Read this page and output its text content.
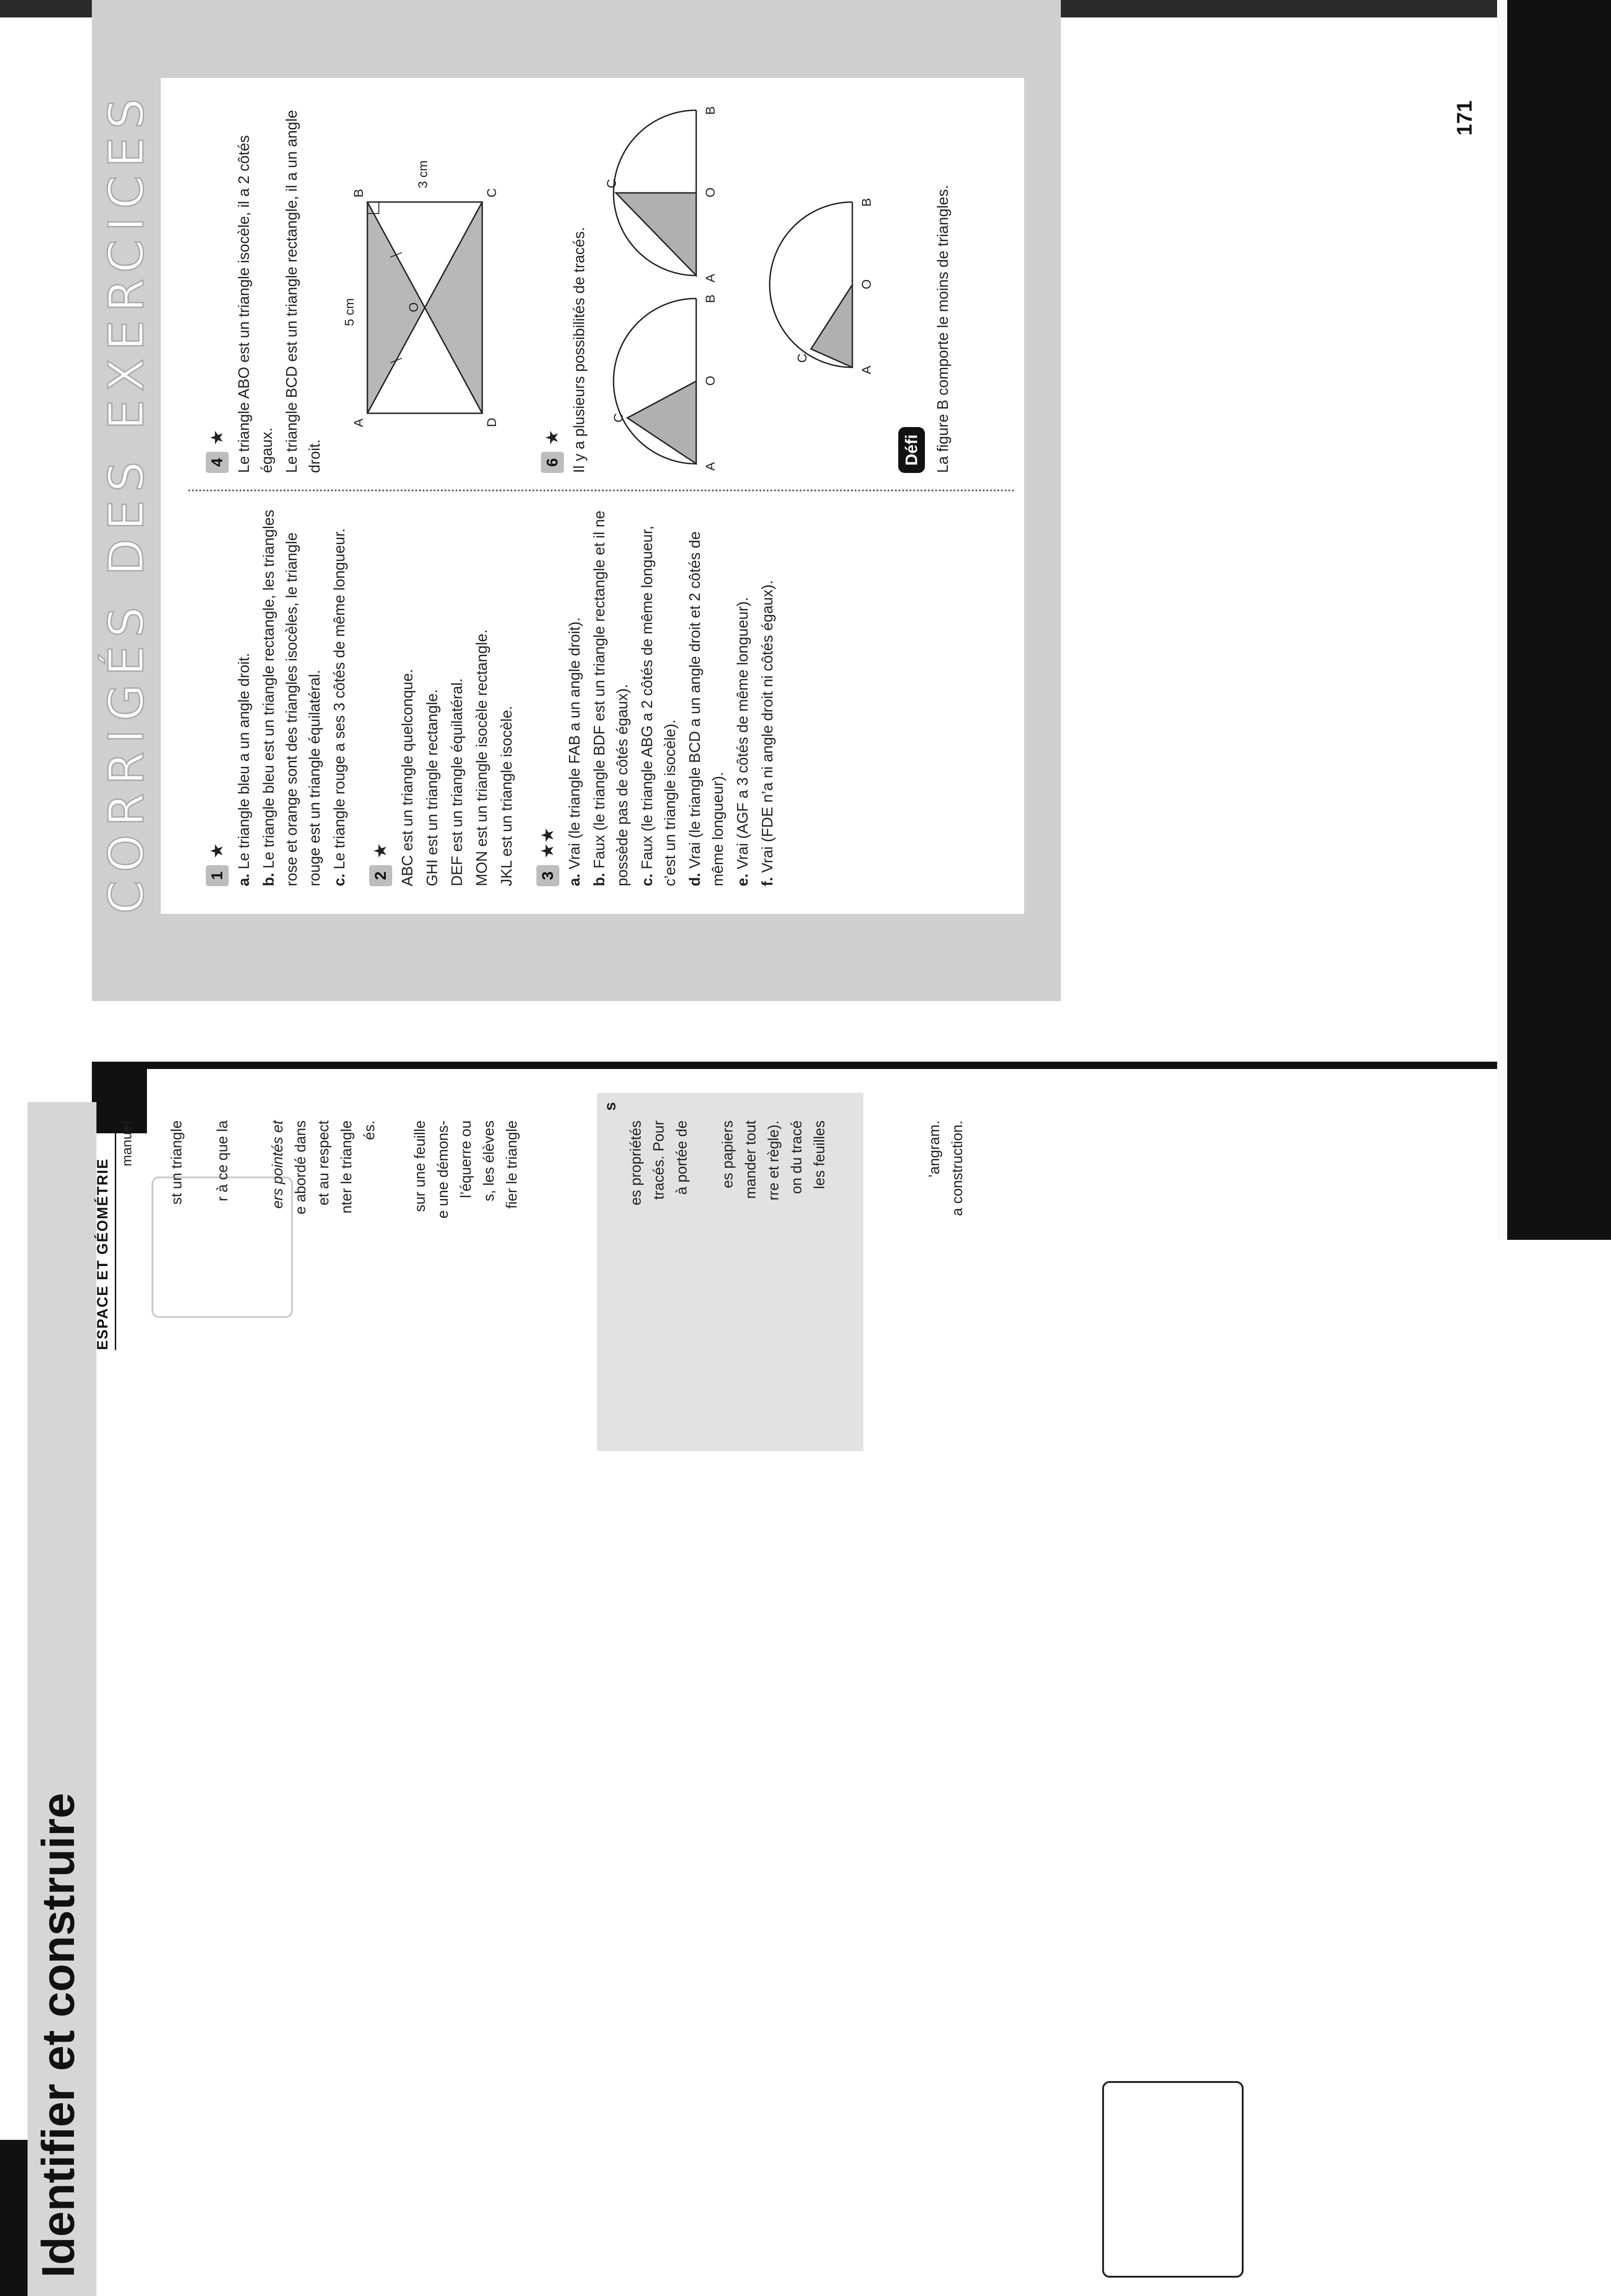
CORRIGÉS DES EXERCICES	1
★

a. Le triangle bleu a un angle droit.

b. Le triangle bleu est un triangle rectangle, les triangles rose et orange sont des triangles isocèles, le triangle rouge est un triangle équilatéral. c. Le triangle rouge a ses 3 côtés de même longueur.

2
★ ABC est un triangle quelconque. GHI est un triangle rectangle. DEF est un triangle équilatéral. MON est un triangle isocèle rectangle. JKL est un triangle isocèle. 3
★★

a. Vrai (le triangle FAB a un angle droit).

b. Faux (le triangle BDF est un triangle rectangle et il ne possède pas de côtés égaux). c. Faux (le triangle ABG a 2 côtés de même longueur, c’est un triangle isocèle). d. Vrai (le triangle BCD a un angle droit et 2 côtés de même longueur). e. Vrai (AGF a 3 côtés de même longueur).

f. Vrai (FDE n’a ni angle droit ni côtés égaux).

4
★ Le triangle ABO est un triangle isocèle, il a 2 côtés égaux. Le triangle BCD est un triangle rectangle, il a un angle droit.

A
B	C
D
O
5 cm
3 cm
6
★ Il y a plusieurs possibilités de tracés.	A
O
B
C
A
O
B
C
A
O
B
C
Défi La figure B comporte le moins de triangles.

171
Identifier et construire
ESPACE ET GÉOMÉTRIE
manuel st un triangle r à ce que la	ers pointés et e abordé dans et au respect nter le triangle és. sur une feuille e une démons- l’équerre ou s, les élèves fier le triangle
s
es propriétés tracés. Pour à portée de es papiers mander tout rre et règle). on du tracé les feuilles	’angram. a construction.
